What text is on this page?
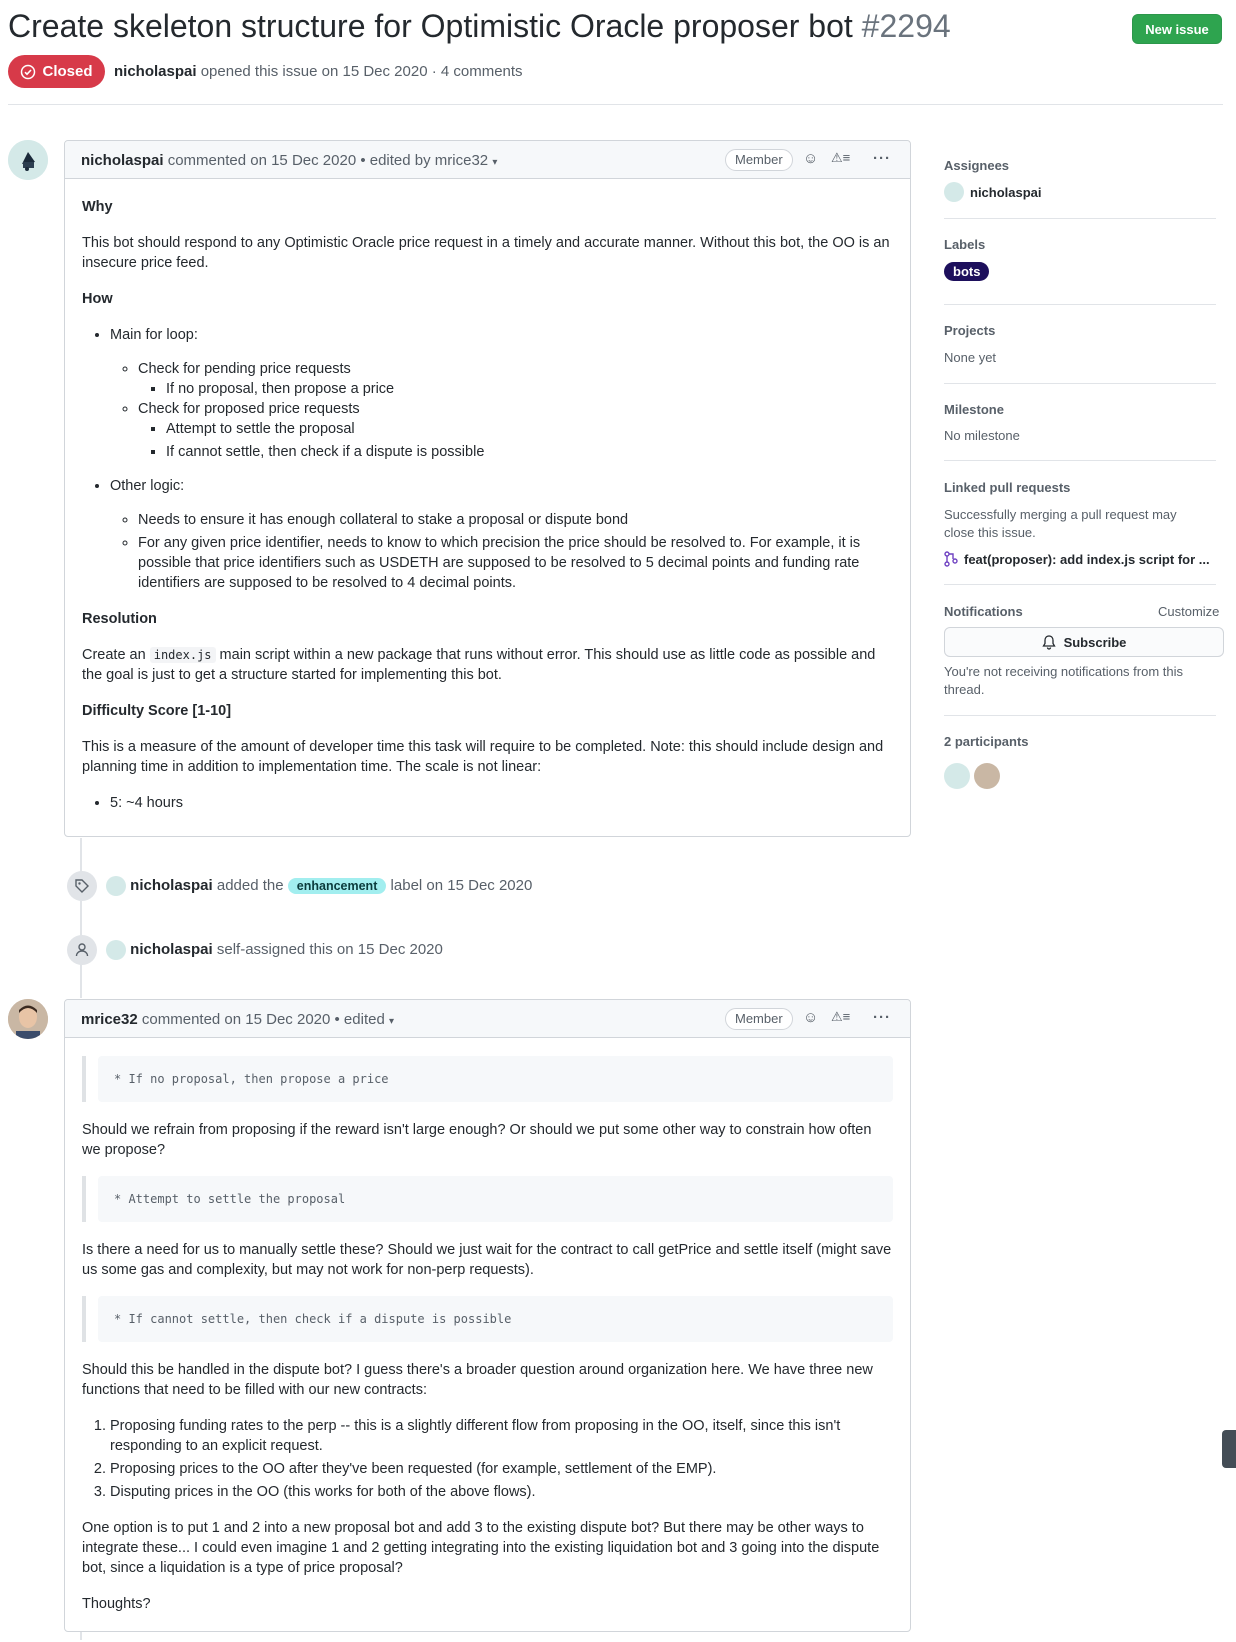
Create skeleton structure for Optimistic Oracle proposer bot #2294	New issue
Closed nicholaspai opened this issue on 15 Dec 2020 · 4 comments
nicholaspai commented on 15 Dec 2020 • edited by mrice32 ▾	Member	☺ ⚠≡ ···

Why

This bot should respond to any Optimistic Oracle price request in a timely and accurate manner. Without this bot, the OO is an insecure price feed.

How

• Main for loop:
◦ Check for pending price requests
▪ If no proposal, then propose a price
◦ Check for proposed price requests
▪ Attempt to settle the proposal
▪ If cannot settle, then check if a dispute is possible
• Other logic:
◦ Needs to ensure it has enough collateral to stake a proposal or dispute bond
◦ For any given price identifier, needs to know to which precision the price should be resolved to. For example, it is possible that price identifiers such as USDETH are supposed to be resolved to 5 decimal points and funding rate identifiers are supposed to be resolved to 4 decimal points.

Resolution

Create an index.js main script within a new package that runs without error. This should use as little code as possible and the goal is just to get a structure started for implementing this bot.

Difficulty Score [1-10]

This is a measure of the amount of developer time this task will require to be completed. Note: this should include design and planning time in addition to implementation time. The scale is not linear:

• 5: ~4 hours
nicholaspai added the enhancement label on 15 Dec 2020
nicholaspai self-assigned this on 15 Dec 2020
mrice32 commented on 15 Dec 2020 • edited ▾	Member	☺ ⚠≡ ···
* If no proposal, then propose a price

Should we refrain from proposing if the reward isn't large enough? Or should we put some other way to constrain how often we propose?

* Attempt to settle the proposal

Is there a need for us to manually settle these? Should we just wait for the contract to call getPrice and settle itself (might save us some gas and complexity, but may not work for non-perp requests).

* If cannot settle, then check if a dispute is possible

Should this be handled in the dispute bot? I guess there's a broader question around organization here. We have three new functions that need to be filled with our new contracts:

1. Proposing funding rates to the perp -- this is a slightly different flow from proposing in the OO, itself, since this isn't responding to an explicit request.
2. Proposing prices to the OO after they've been requested (for example, settlement of the EMP).
3. Disputing prices in the OO (this works for both of the above flows).

One option is to put 1 and 2 into a new proposal bot and add 3 to the existing dispute bot? But there may be other ways to integrate these... I could even imagine 1 and 2 getting integrating into the existing liquidation bot and 3 going into the dispute bot, since a liquidation is a type of price proposal?

Thoughts?

Assignees
nicholaspai
Labels
bots
Projects
None yet
Milestone
No milestone
Linked pull requests
Successfully merging a pull request may close this issue.
feat(proposer): add index.js script for ...
Notifications	Customize
Subscribe
You're not receiving notifications from this thread.
2 participants
